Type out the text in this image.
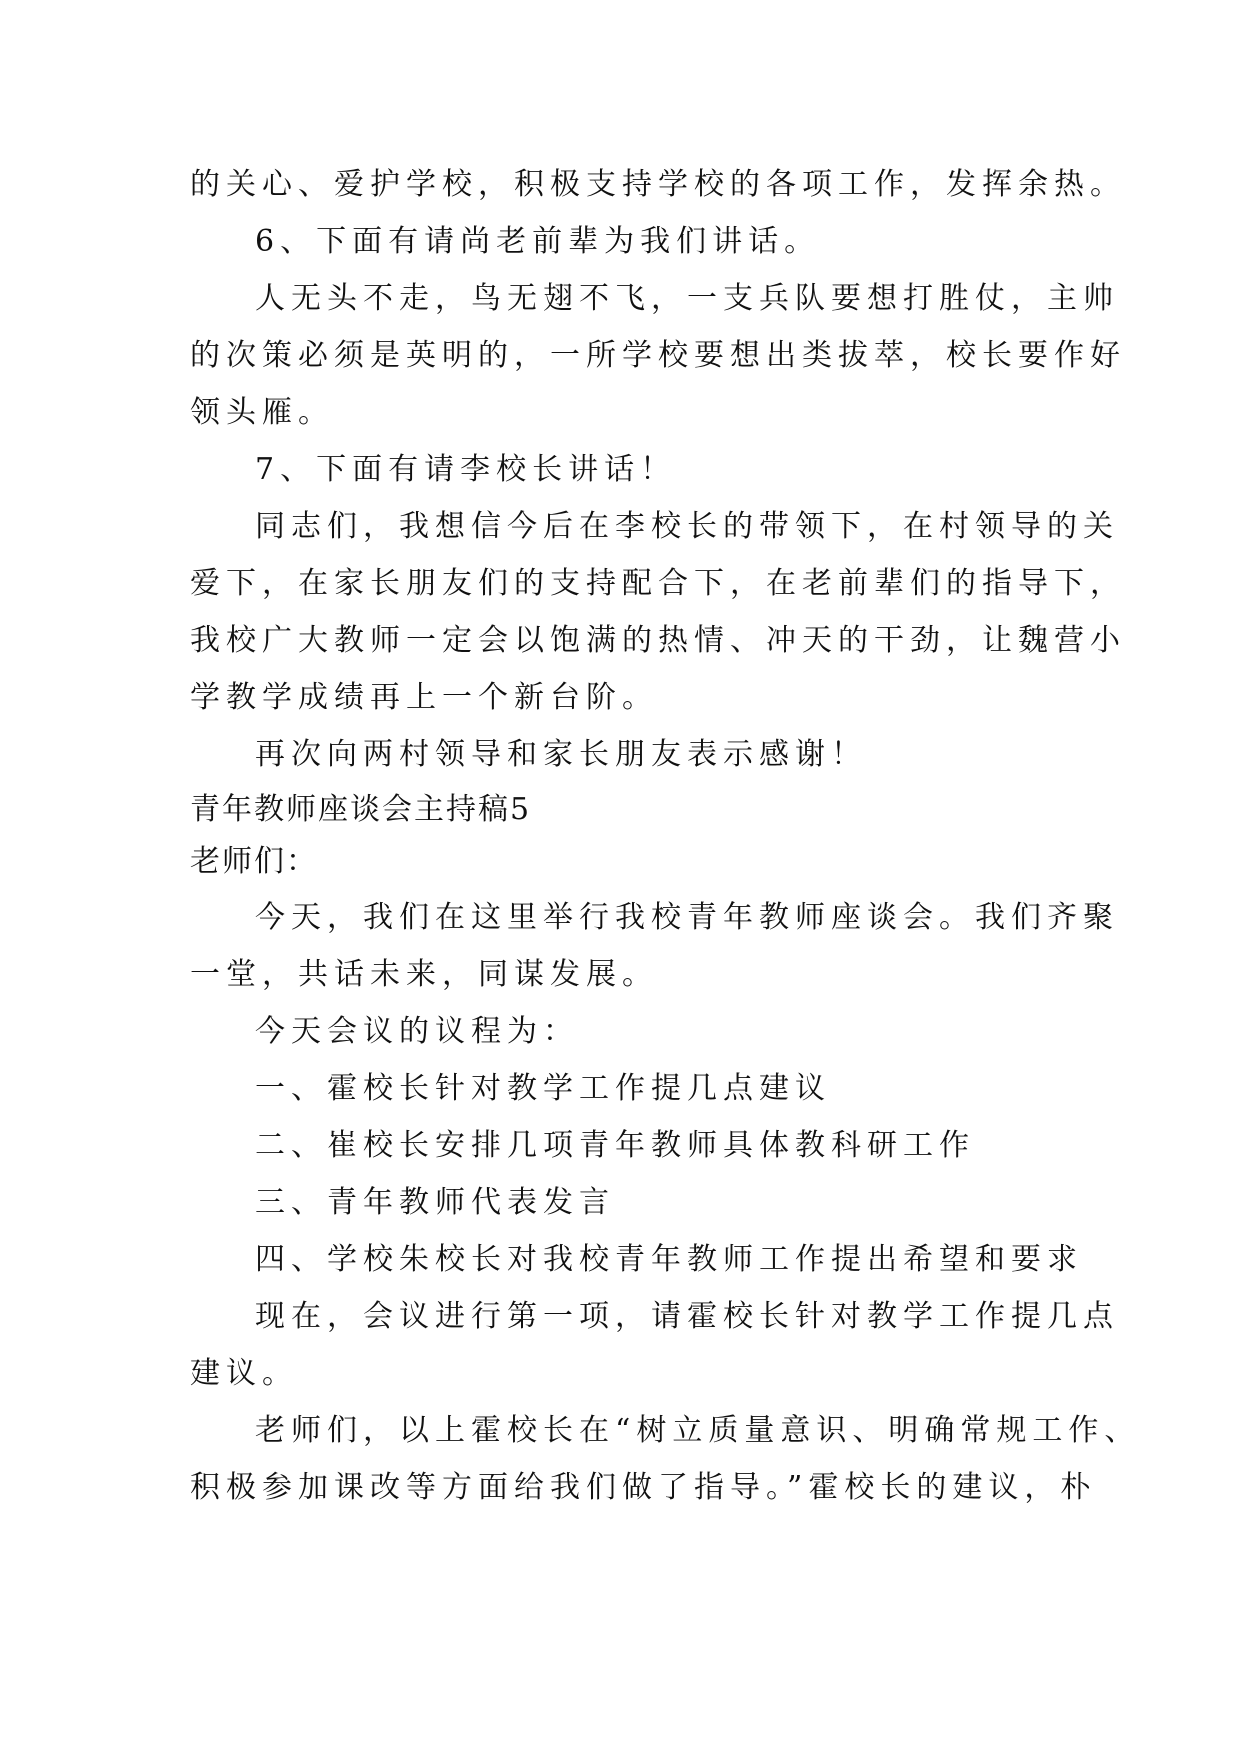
的关心、爱护学校，积极支持学校的各项工作，发挥余热。
6、下面有请尚老前辈为我们讲话。
人无头不走，鸟无翅不飞，一支兵队要想打胜仗，主帅
的次策必须是英明的，一所学校要想出类拔萃，校长要作好
领头雁。
7、下面有请李校长讲话！
同志们，我想信今后在李校长的带领下，在村领导的关
爱下，在家长朋友们的支持配合下，在老前辈们的指导下，
我校广大教师一定会以饱满的热情、冲天的干劲，让魏营小
学教学成绩再上一个新台阶。
再次向两村领导和家长朋友表示感谢！
青年教师座谈会主持稿5
老师们：
今天，我们在这里举行我校青年教师座谈会。我们齐聚
一堂，共话未来，同谋发展。
今天会议的议程为：
一、霍校长针对教学工作提几点建议
二、崔校长安排几项青年教师具体教科研工作
三、青年教师代表发言
四、学校朱校长对我校青年教师工作提出希望和要求
现在，会议进行第一项，请霍校长针对教学工作提几点
建议。
老师们，以上霍校长在“树立质量意识、明确常规工作、
积极参加课改等方面给我们做了指导。”霍校长的建议，朴
